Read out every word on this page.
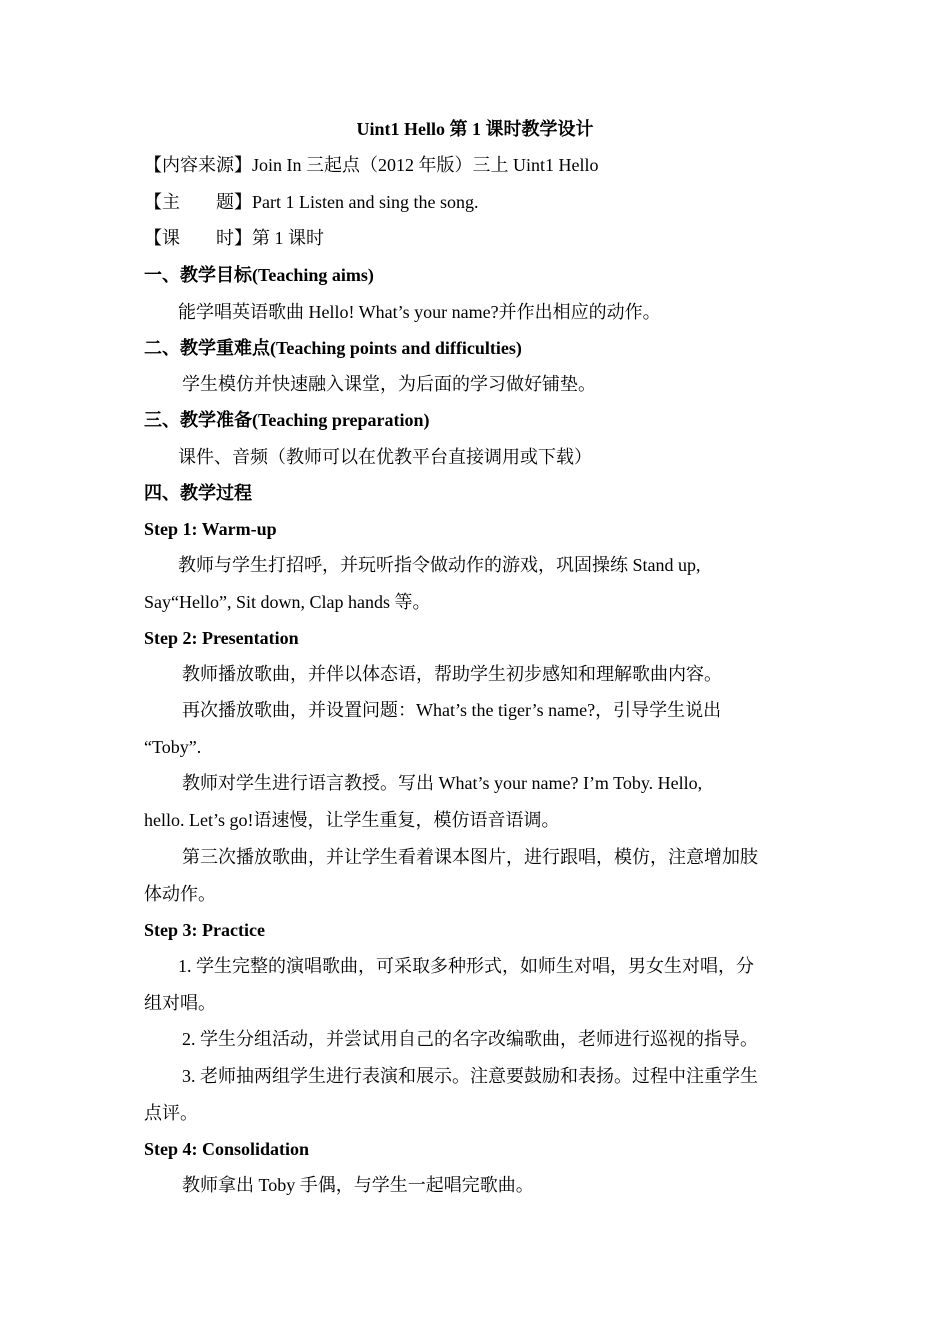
Uint1 Hello 第 1 课时教学设计
【内容来源】Join In 三起点（2012 年版）三上 Uint1 Hello
【主　　题】Part 1 Listen and sing the song.
【课　　时】第 1 课时
一、教学目标(Teaching aims)
能学唱英语歌曲 Hello! What’s your name?并作出相应的动作。
二、教学重难点(Teaching points and difficulties)
学生模仿并快速融入课堂，为后面的学习做好铺垫。
三、教学准备(Teaching preparation)
课件、音频（教师可以在优教平台直接调用或下载）
四、教学过程
Step 1: Warm-up
教师与学生打招呼，并玩听指令做动作的游戏，巩固操练 Stand up,
Say“Hello”, Sit down, Clap hands 等。
Step 2: Presentation
教师播放歌曲，并伴以体态语，帮助学生初步感知和理解歌曲内容。
再次播放歌曲，并设置问题：What’s the tiger’s name?，引导学生说出
“Toby”.
教师对学生进行语言教授。写出 What’s your name? I’m Toby. Hello,
hello. Let’s go!语速慢，让学生重复，模仿语音语调。
第三次播放歌曲，并让学生看着课本图片，进行跟唱，模仿，注意增加肢
体动作。
Step 3: Practice
1. 学生完整的演唱歌曲，可采取多种形式，如师生对唱，男女生对唱，分
组对唱。
2. 学生分组活动，并尝试用自己的名字改编歌曲，老师进行巡视的指导。
3. 老师抽两组学生进行表演和展示。注意要鼓励和表扬。过程中注重学生
点评。
Step 4: Consolidation
教师拿出 Toby 手偶，与学生一起唱完歌曲。
